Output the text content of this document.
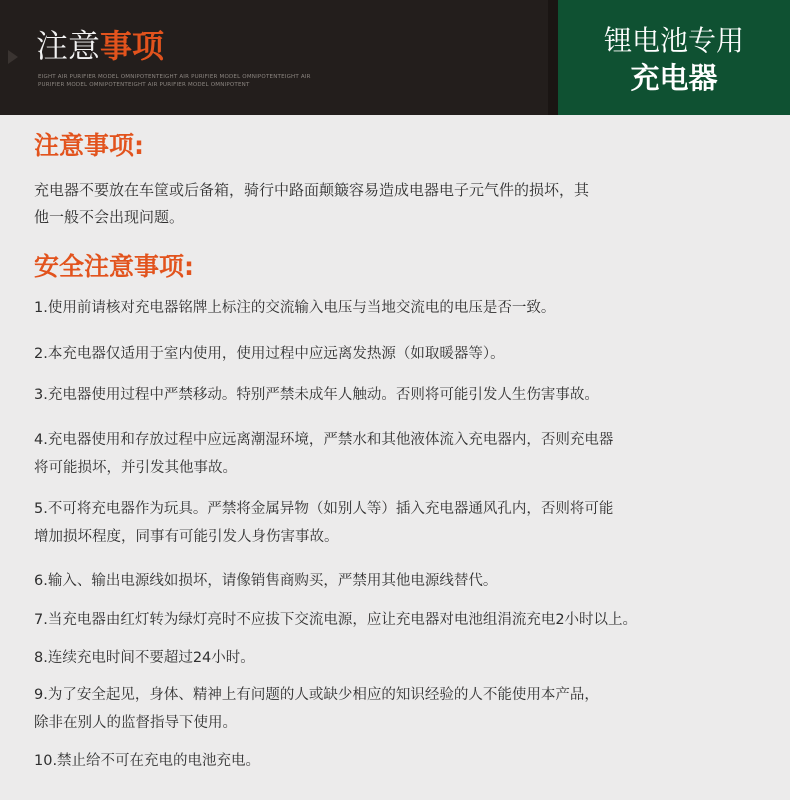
注意事项
EIGHT AIR PURIFIER MODEL OMNIPOTENTEIGHT AIR PURIFIER MODEL OMNIPOTENTEIGHT AIR
PURIFIER MODEL OMNIPOTENTEIGHT AIR PURIFIER MODEL OMNIPOTENT
锂电池专用
充电器
注意事项:
充电器不要放在车筐或后备箱，骑行中路面颠簸容易造成电器电子元气件的损坏，其
他一般不会出现问题。
安全注意事项:
1.使用前请核对充电器铭牌上标注的交流输入电压与当地交流电的电压是否一致。
2.本充电器仅适用于室内使用，使用过程中应远离发热源（如取暖器等）。
3.充电器使用过程中严禁移动。特别严禁未成年人触动。否则将可能引发人生伤害事故。
4.充电器使用和存放过程中应远离潮湿环境，严禁水和其他液体流入充电器内，否则充电器
将可能损坏，并引发其他事故。
5.不可将充电器作为玩具。严禁将金属异物（如别人等）插入充电器通风孔内，否则将可能
增加损坏程度，同事有可能引发人身伤害事故。
6.输入、输出电源线如损坏，请像销售商购买，严禁用其他电源线替代。
7.当充电器由红灯转为绿灯亮时不应拔下交流电源，应让充电器对电池组涓流充电2小时以上。
8.连续充电时间不要超过24小时。
9.为了安全起见，身体、精神上有问题的人或缺少相应的知识经验的人不能使用本产品，
除非在别人的监督指导下使用。
10.禁止给不可在充电的电池充电。
